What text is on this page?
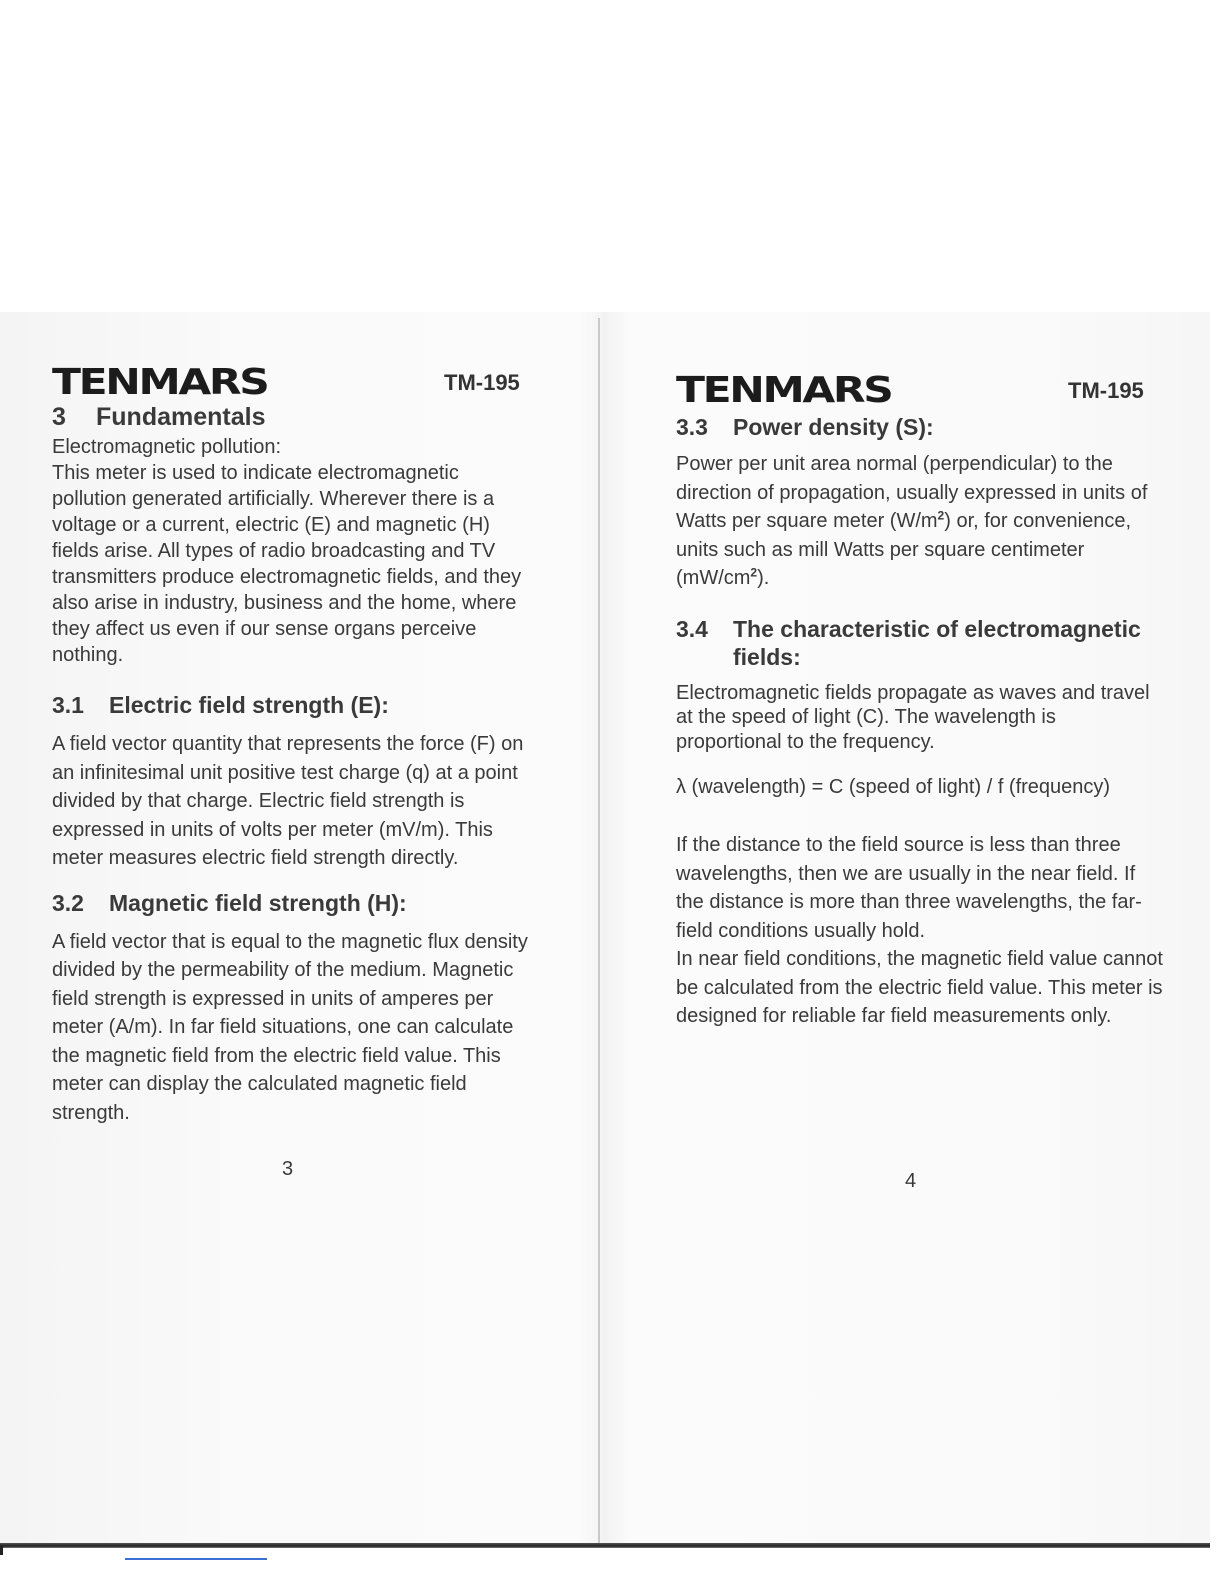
TENMARS	TM-195
3 Fundamentals

Electromagnetic pollution:

This meter is used to indicate electromagnetic pollution generated artificially. Wherever there is a voltage or a current, electric (E) and magnetic (H) fields arise. All types of radio broadcasting and TV transmitters produce electromagnetic fields, and they also arise in industry, business and the home, where they affect us even if our sense organs perceive nothing.

3.1 Electric field strength (E):

A field vector quantity that represents the force (F) on an infinitesimal unit positive test charge (q) at a point divided by that charge. Electric field strength is expressed in units of volts per meter (mV/m). This meter measures electric field strength directly.

3.2 Magnetic field strength (H):

A field vector that is equal to the magnetic flux density divided by the permeability of the medium. Magnetic field strength is expressed in units of amperes per meter (A/m). In far field situations, one can calculate the magnetic field from the electric field value. This meter can display the calculated magnetic field strength.

3
TENMARS	TM-195
3.3 Power density (S):

Power per unit area normal (perpendicular) to the direction of propagation, usually expressed in units of Watts per square meter $(W/m^2)$ or, for convenience, units such as mill Watts per square centimeter $(mW/cm^2)$.

3.4 The characteristic of electromagnetic fields:

Electromagnetic fields propagate as waves and travel at the speed of light (C). The wavelength is proportional to the frequency.

λ (wavelength) = C (speed of light) / f (frequency)

If the distance to the field source is less than three wavelengths, then we are usually in the near field. If the distance is more than three wavelengths, the far-field conditions usually hold.

In near field conditions, the magnetic field value cannot be calculated from the electric field value. This meter is designed for reliable far field measurements only.

4
